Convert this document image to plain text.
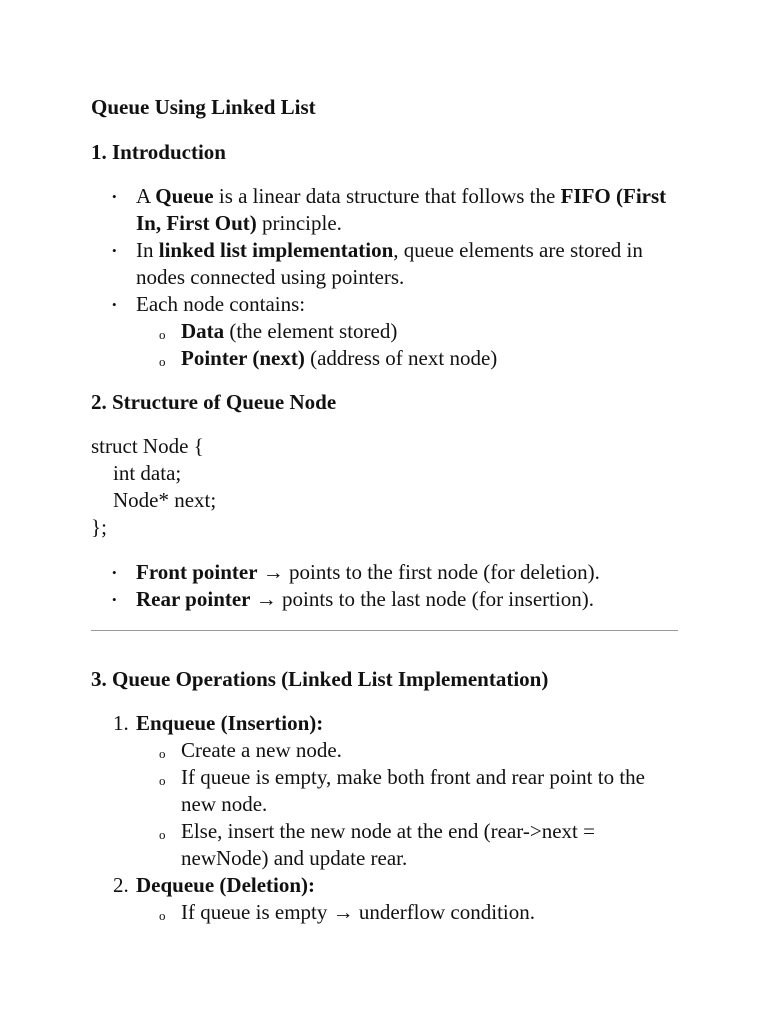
Queue Using Linked List
1. Introduction
• A Queue is a linear data structure that follows the FIFO (First In, First Out) principle.
• In linked list implementation, queue elements are stored in nodes connected using pointers.
• Each node contains:
o Data (the element stored)
o Pointer (next) (address of next node)
2. Structure of Queue Node
struct Node {
int data;
Node* next;
};
• Front pointer → points to the first node (for deletion).
• Rear pointer → points to the last node (for insertion).
3. Queue Operations (Linked List Implementation)
1. Enqueue (Insertion):
o Create a new node.
o If queue is empty, make both front and rear point to the new node.
o Else, insert the new node at the end (rear->next = newNode) and update rear.
2. Dequeue (Deletion):
o If queue is empty → underflow condition.
